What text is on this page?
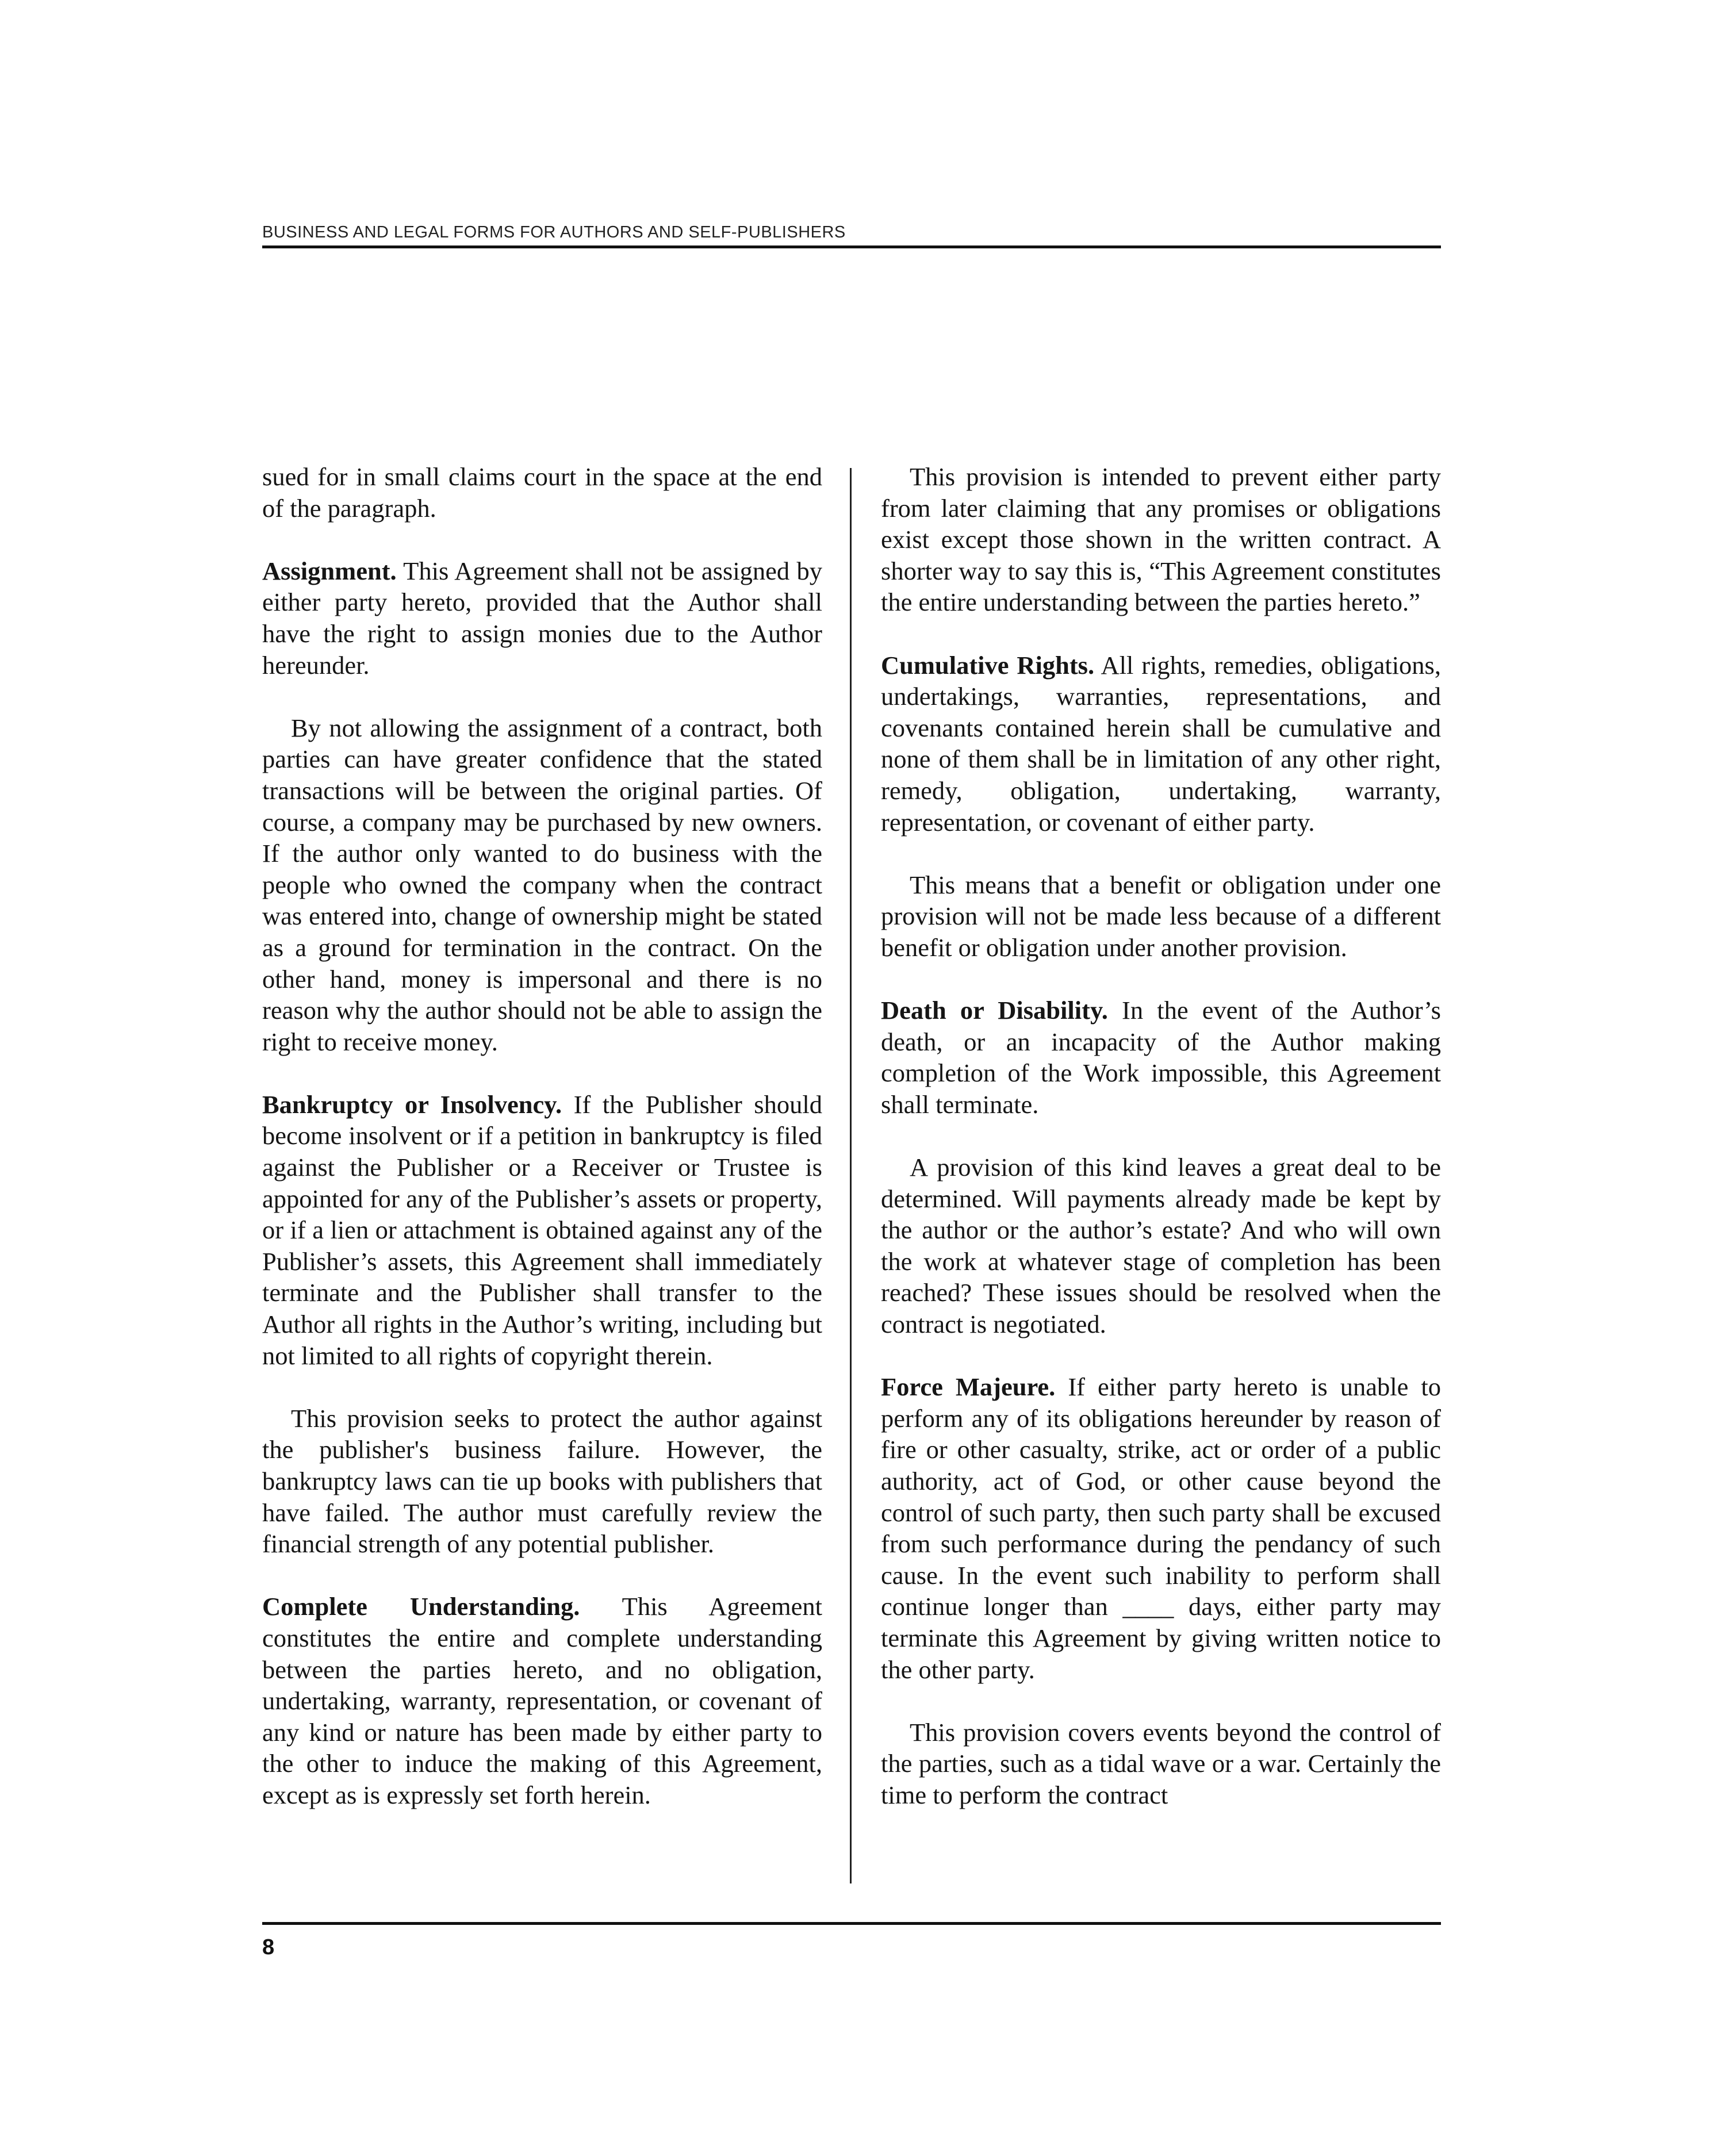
BUSINESS AND LEGAL FORMS FOR AUTHORS AND SELF-PUBLISHERS

sued for in small claims court in the space at the end of the paragraph.

Assignment. This Agreement shall not be assigned by either party hereto, provided that the Author shall have the right to assign monies due to the Author hereunder.

By not allowing the assignment of a contract, both parties can have greater confidence that the stated transactions will be between the original parties. Of course, a company may be purchased by new owners. If the author only wanted to do business with the people who owned the company when the contract was entered into, change of ownership might be stated as a ground for termination in the contract. On the other hand, money is impersonal and there is no reason why the author should not be able to assign the right to receive money.

Bankruptcy or Insolvency. If the Publisher should become insolvent or if a petition in bankruptcy is filed against the Publisher or a Receiver or Trustee is appointed for any of the Publisher’s assets or property, or if a lien or attachment is obtained against any of the Publisher’s assets, this Agreement shall immediately terminate and the Publisher shall transfer to the Author all rights in the Author’s writing, including but not limited to all rights of copyright therein.

This provision seeks to protect the author against the publisher's business failure. However, the bankruptcy laws can tie up books with publishers that have failed. The author must carefully review the financial strength of any potential publisher.

Complete Understanding. This Agreement constitutes the entire and complete understanding between the parties hereto, and no obligation, undertaking, warranty, representation, or covenant of any kind or nature has been made by either party to the other to induce the making of this Agreement, except as is expressly set forth herein.

This provision is intended to prevent either party from later claiming that any promises or obligations exist except those shown in the written contract. A shorter way to say this is, “This Agreement constitutes the entire understanding between the parties hereto.”

Cumulative Rights. All rights, remedies, obligations, undertakings, warranties, representations, and covenants contained herein shall be cumulative and none of them shall be in limitation of any other right, remedy, obligation, undertaking, warranty, representation, or covenant of either party.

This means that a benefit or obligation under one provision will not be made less because of a different benefit or obligation under another provision.

Death or Disability. In the event of the Author’s death, or an incapacity of the Author making completion of the Work impossible, this Agreement shall terminate.

A provision of this kind leaves a great deal to be determined. Will payments already made be kept by the author or the author’s estate? And who will own the work at whatever stage of completion has been reached? These issues should be resolved when the contract is negotiated.

Force Majeure. If either party hereto is unable to perform any of its obligations hereunder by reason of fire or other casualty, strike, act or order of a public authority, act of God, or other cause beyond the control of such party, then such party shall be excused from such performance during the pendancy of such cause. In the event such inability to perform shall continue longer than ____ days, either party may terminate this Agreement by giving written notice to the other party.

This provision covers events beyond the control of the parties, such as a tidal wave or a war. Certainly the time to perform the contract

8
